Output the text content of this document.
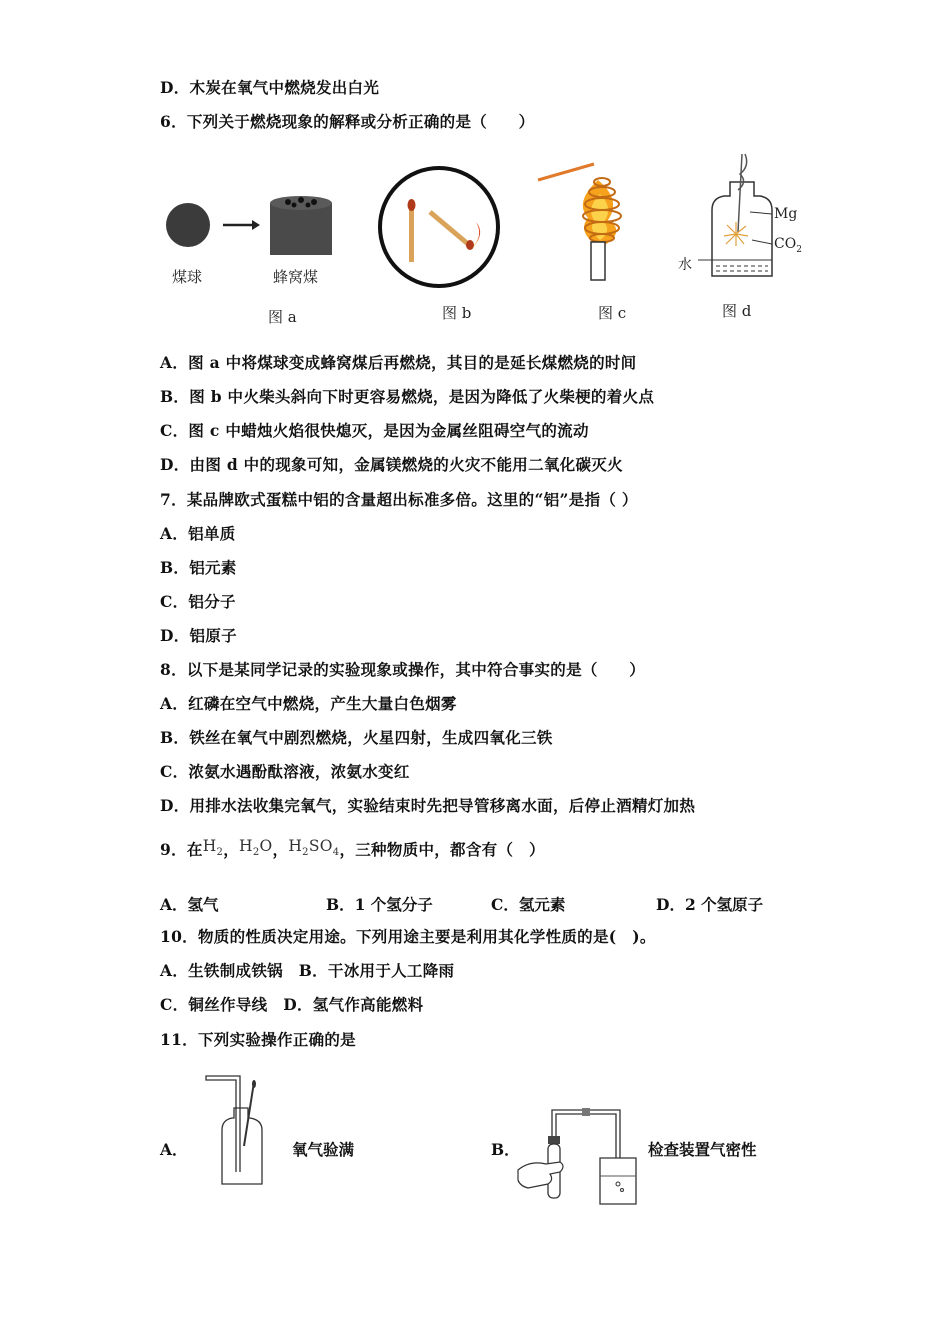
D．木炭在氧气中燃烧发出白光
6．下列关于燃烧现象的解释或分析正确的是（　　）
煤球	蜂窝煤
图 a	图 b	图 c
Mg
$CO_2$
水
图 d
A．图 a 中将煤球变成蜂窝煤后再燃烧，其目的是延长煤燃烧的时间
B．图 b 中火柴头斜向下时更容易燃烧，是因为降低了火柴梗的着火点
C．图 c 中蜡烛火焰很快熄灭，是因为金属丝阻碍空气的流动
D．由图 d 中的现象可知，金属镁燃烧的火灾不能用二氧化碳灭火
7．某品牌欧式蛋糕中铝的含量超出标准多倍。这里的“铝”是指（ ）
A．铝单质
B．铝元素
C．铝分子
D．铝原子
8．以下是某同学记录的实验现象或操作，其中符合事实的是（　　）
A．红磷在空气中燃烧，产生大量白色烟雾
B．铁丝在氧气中剧烈燃烧，火星四射，生成四氧化三铁
C．浓氨水遇酚酞溶液，浓氨水变红
D．用排水法收集完氧气，实验结束时先把导管移离水面，后停止酒精灯加热
9．在$H_2$，$H_2O$，$H_2SO_4$，三种物质中，都含有（　）
A．氢气	B．1 个氢分子	C．氢元素	D．2 个氢原子
10．物质的性质决定用途。下列用途主要是利用其化学性质的是(　)。
A．生铁制成铁锅　B．干冰用于人工降雨
C．铜丝作导线　D．氢气作高能燃料
11．下列实验操作正确的是
A．	氧气验满	B．	检查装置气密性
